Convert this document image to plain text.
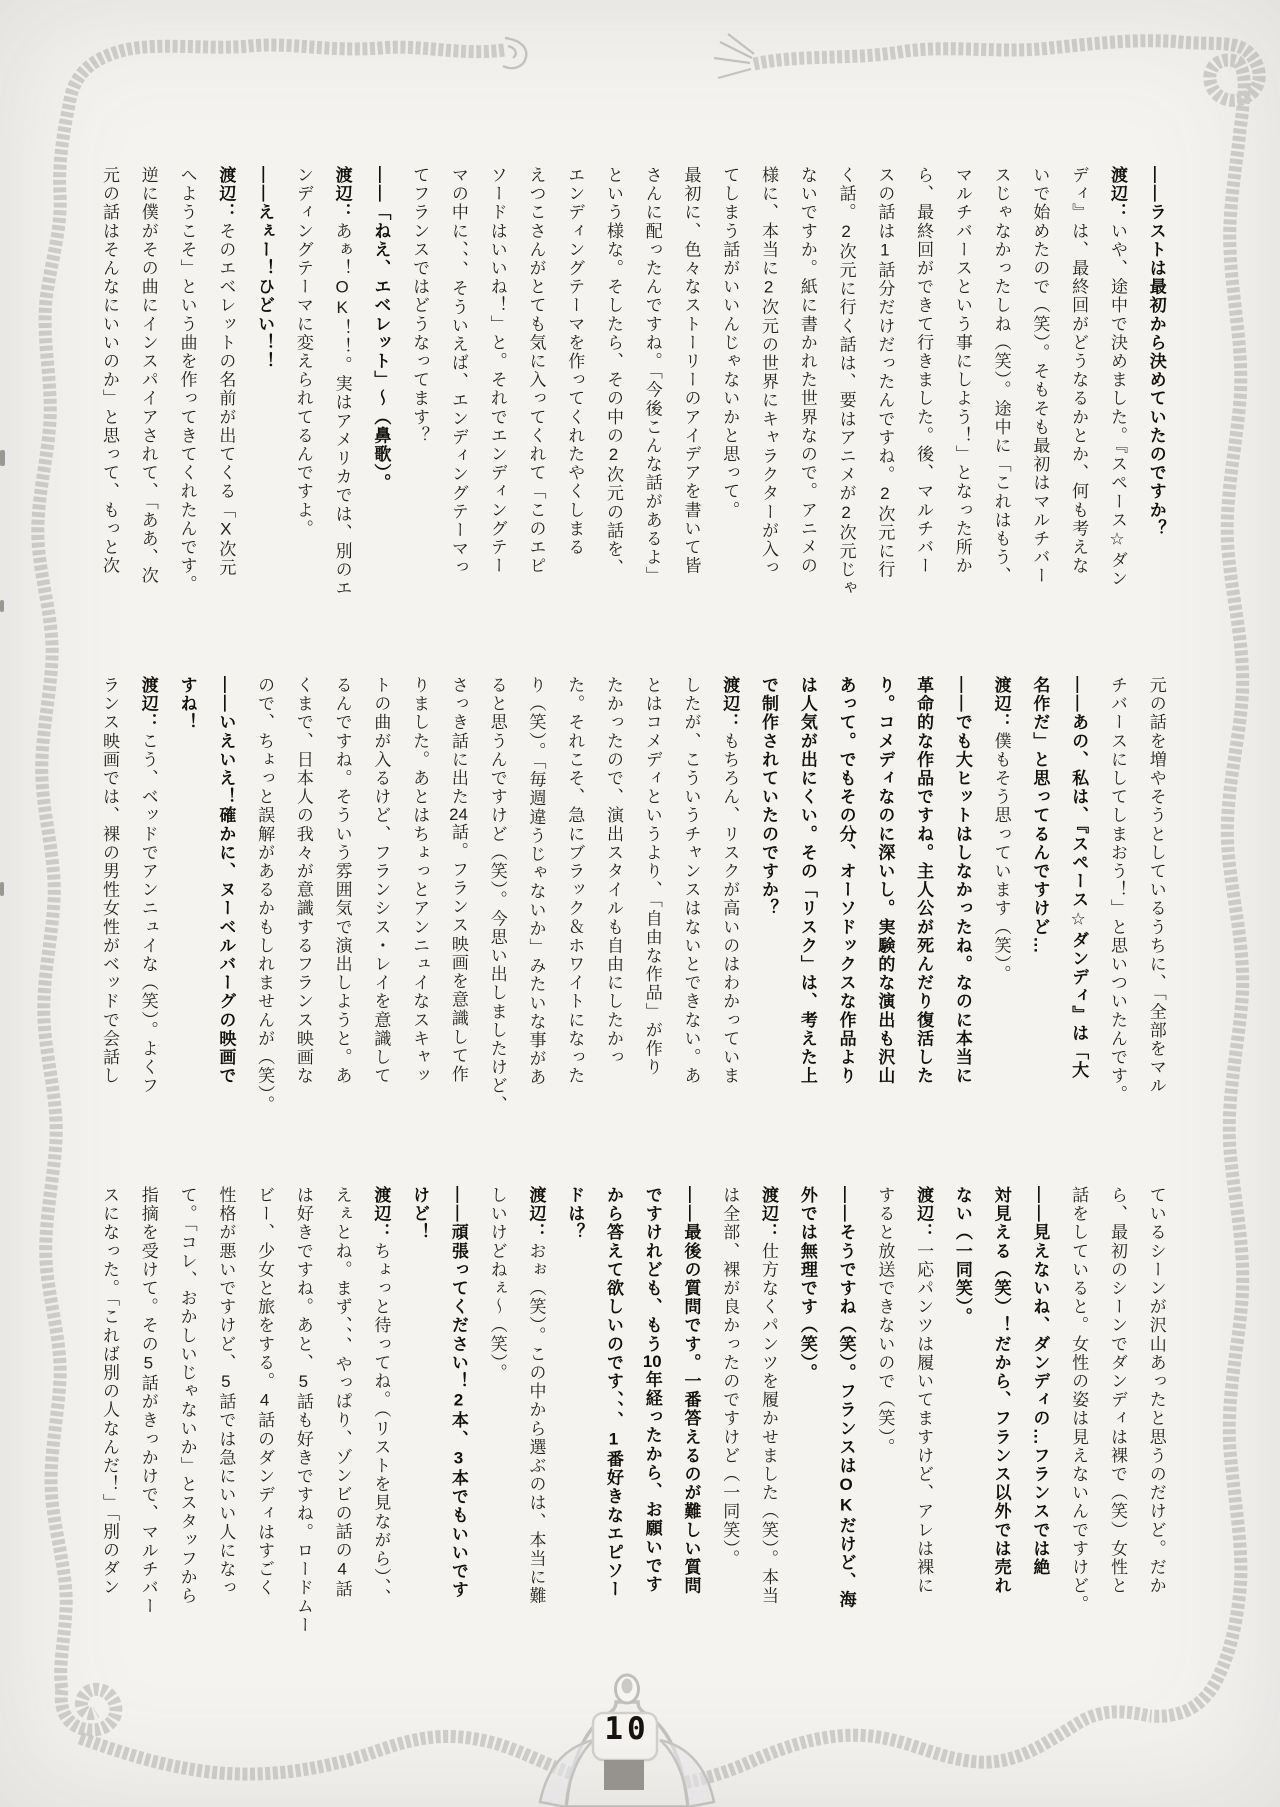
10
――ラストは最初から決めていたのですか？
渡辺：いや、途中で決めました。『スペース☆ダン
ディ』は、最終回がどうなるかとか、何も考えな
いで始めたので（笑）。そもそも最初はマルチバー
スじゃなかったしね（笑）。途中に「これはもう、
マルチバースという事にしよう！」となった所か
ら、最終回ができて行きました。後、マルチバー
スの話は1話分だけだったんですね。2次元に行
く話。2次元に行く話は、要はアニメが2次元じゃ
ないですか。紙に書かれた世界なので。アニメの
様に、本当に2次元の世界にキャラクターが入っ
てしまう話がいいんじゃないかと思って。
最初に、色々なストーリーのアイデアを書いて皆
さんに配ったんですね。「今後こんな話があるよ」
という様な。そしたら、その中の2次元の話を、
エンディングテーマを作ってくれたやくしまる
えつこさんがとても気に入ってくれて「このエピ
ソードはいいね！」と。それでエンディングテー
マの中に、、、そういえば、エンディングテーマっ
てフランスではどうなってます？
――「ねえ、エベレット」～（鼻歌）。
渡辺：あぁ！OK！！。実はアメリカでは、別のエ
ンディングテーマに変えられてるんですよ。
――えぇー！ひどい！！
渡辺：そのエベレットの名前が出てくる「X次元
へようこそ」という曲を作ってきてくれたんです。
逆に僕がその曲にインスパイアされて、「ああ、次
元の話はそんなにいいのか」と思って、もっと次
元の話を増やそうとしているうちに、「全部をマル
チバースにしてしまおう！」と思いついたんです。
――あの、私は、『スペース☆ダンディ』は「大
名作だ」と思ってるんですけど…
渡辺：僕もそう思っています（笑）。
――でも大ヒットはしなかったね。なのに本当に
革命的な作品ですね。主人公が死んだり復活した
り。コメディなのに深いし。実験的な演出も沢山
あって。でもその分、オーソドックスな作品より
は人気が出にくい。その「リスク」は、考えた上
で制作されていたのですか？
渡辺：もちろん、リスクが高いのはわかっていま
したが、こういうチャンスはないとできない。あ
とはコメディというより、「自由な作品」が作り
たかったので、演出スタイルも自由にしたかっ
た。それこそ、急にブラック＆ホワイトになった
り（笑）。「毎週違うじゃないか」みたいな事があ
ると思うんですけど（笑）。今思い出しましたけど、
さっき話に出た24話。フランス映画を意識して作
りました。あとはちょっとアンニュイなスキャッ
トの曲が入るけど、フランシス・レイを意識して
るんですね。そういう雰囲気で演出しようと。あ
くまで、日本人の我々が意識するフランス映画な
ので、ちょっと誤解があるかもしれませんが（笑）。
――いえいえ！確かに、ヌーベルバーグの映画で
すね！
渡辺：こう、ベッドでアンニュイな（笑）。よくフ
ランス映画では、裸の男性女性がベッドで会話し
ているシーンが沢山あったと思うのだけど。だか
ら、最初のシーンでダンディは裸で（笑）女性と
話をしていると。女性の姿は見えないんですけど。
――見えないね、ダンディの…フランスでは絶
対見える（笑）！だから、フランス以外では売れ
ない（一同笑）。
渡辺：一応パンツは履いてますけど、アレは裸に
すると放送できないので（笑）。
――そうですね（笑）。フランスはOKだけど、海
外では無理です（笑）。
渡辺：仕方なくパンツを履かせました（笑）。本当
は全部、裸が良かったのですけど（一同笑）。
――最後の質問です。一番答えるのが難しい質問
ですけれども、もう10年経ったから、お願いです
から答えて欲しいのです、、、1番好きなエピソー
ドは？
渡辺：おぉ（笑）。この中から選ぶのは、本当に難
しいけどねぇ～（笑）。
――頑張ってください！2本、3本でもいいです
けど！
渡辺：ちょっと待ってね。（リストを見ながら）、、
えぇとね。まず、、、やっぱり、ゾンビの話の4話
は好きですね。あと、5話も好きですね。ロードムー
ビー、少女と旅をする。4話のダンディはすごく
性格が悪いですけど、5話では急にいい人になっ
て。「コレ、おかしいじゃないか」とスタッフから
指摘を受けて。その5話がきっかけで、マルチバー
スになった。「これば別の人なんだ！」「別のダン
